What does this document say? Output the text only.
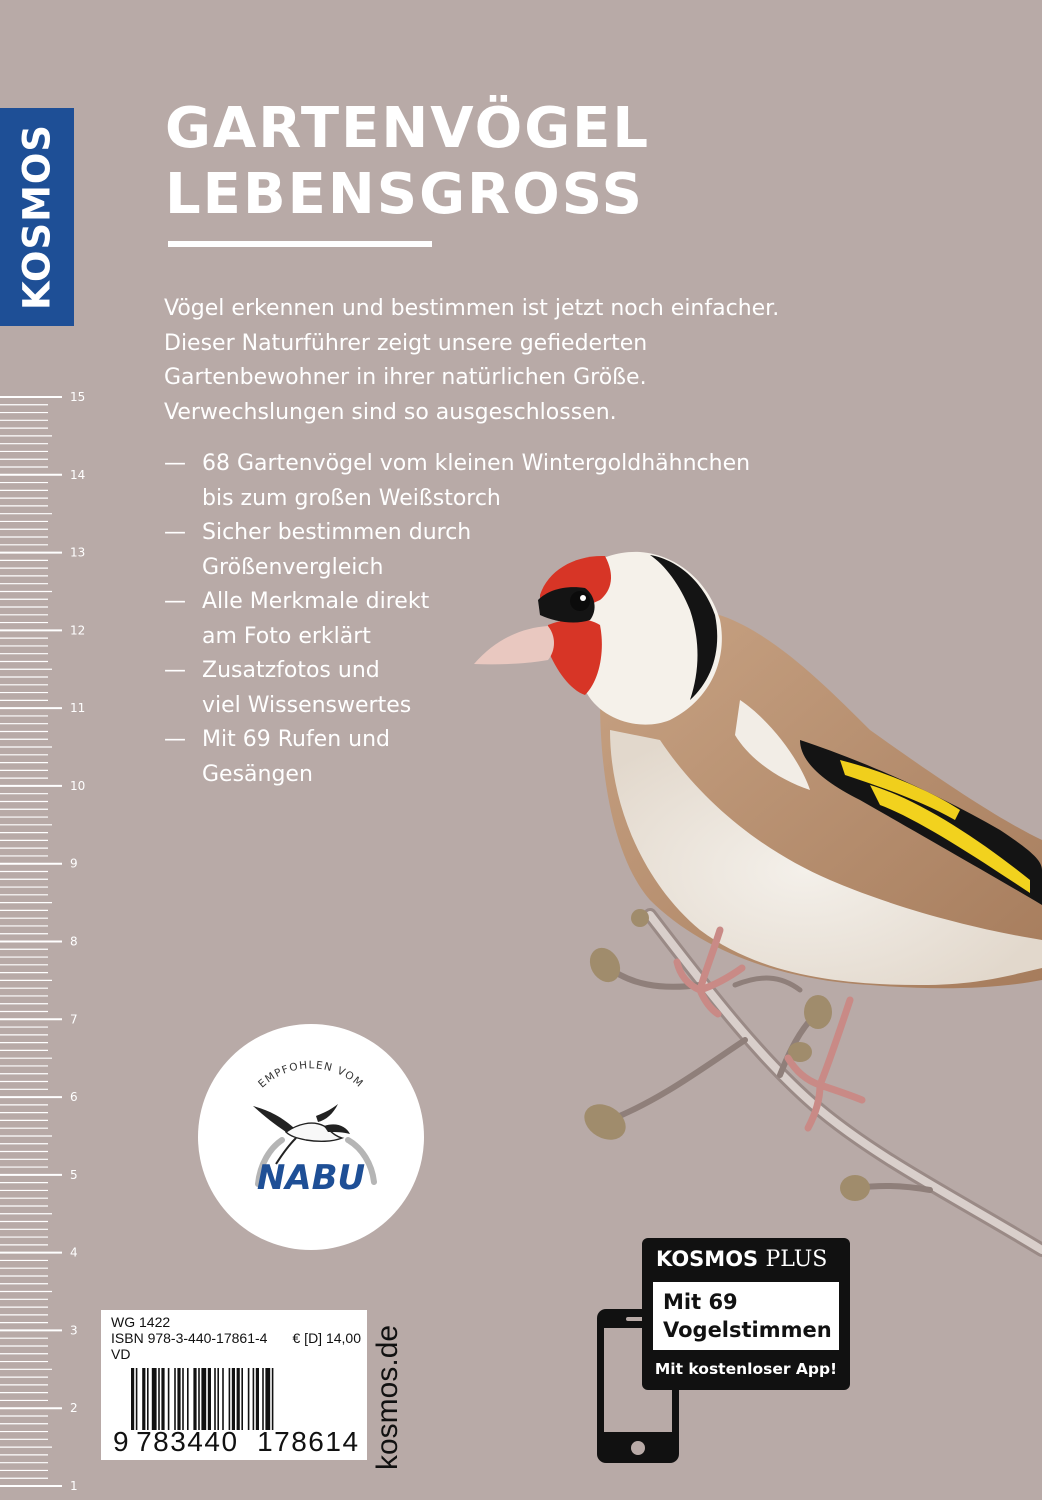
KOSMOS
15
14
13
12
11
10
9
8
7
6
5
4
3
2
1
GARTENVÖGEL
LEBENSGROSS

Vögel erkennen und bestimmen ist jetzt noch einfacher. Dieser Naturführer zeigt unsere gefiederten Gartenbewohner in ihrer natürlichen Größe. Verwechslungen sind so ausgeschlossen.

— 68 Gartenvögel vom kleinen Wintergoldhähnchen
bis zum großen Weißstorch
— Sicher bestimmen durch
Größenvergleich
— Alle Merkmale direkt
am Foto erklärt
— Zusatzfotos und
viel Wissenswertes
— Mit 69 Rufen und
Gesängen
EMPFOHLEN VOM
NABU
WG 1422
ISBN 978-3-440-17861-4 € [D] 14,00
VD
9 783440 178614 kosmos.de
KOSMOS PLUS
Mit 69
Vogelstimmen
Mit kostenloser App!
